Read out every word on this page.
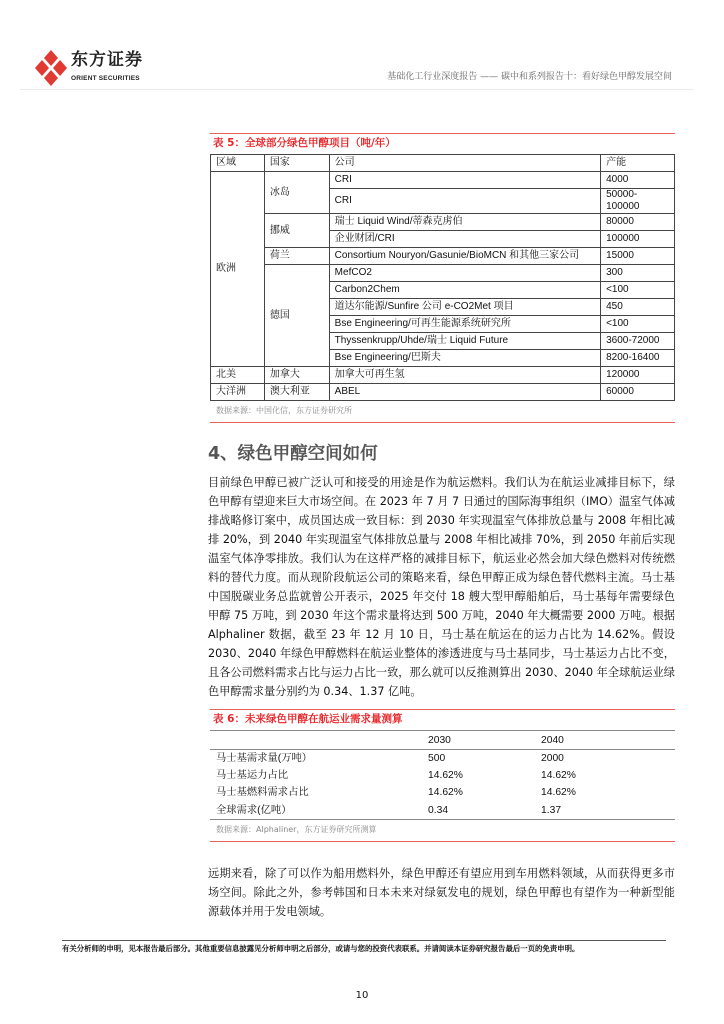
东方证券
ORIENT SECURITIES	基础化工行业深度报告 —— 碳中和系列报告十：看好绿色甲醇发展空间
表 5：全球部分绿色甲醇项目（吨/年）
区域	国家	公司	产能
欧洲	冰岛	CRI	4000
		CRI	50000-100000
	挪威	瑞士 Liquid Wind/蒂森克虏伯	80000
		企业财团/CRI	100000
	荷兰	Consortium Nouryon/Gasunie/BioMCN 和其他三家公司	15000
	德国	MefCO2	300
		Carbon2Chem	<100
		道达尔能源/Sunfire 公司 e-CO2Met 项目	450
		Bse Engineering/可再生能源系统研究所	<100
		Thyssenkrupp/Uhde/瑞士 Liquid Future	3600-72000
		Bse Engineering/巴斯夫	8200-16400
北美	加拿大	加拿大可再生氢	120000
大洋洲	澳大利亚	ABEL	60000
数据来源：中国化信，东方证券研究所
4、绿色甲醇空间如何

目前绿色甲醇已被广泛认可和接受的用途是作为航运燃料。我们认为在航运业减排目标下，绿色甲醇有望迎来巨大市场空间。在 2023 年 7 月 7 日通过的国际海事组织（IMO）温室气体减排战略修订案中，成员国达成一致目标：到 2030 年实现温室气体排放总量与 2008 年相比减排 20%，到 2040 年实现温室气体排放总量与 2008 年相比减排 70%，到 2050 年前后实现温室气体净零排放。我们认为在这样严格的减排目标下，航运业必然会加大绿色燃料对传统燃料的替代力度。而从现阶段航运公司的策略来看，绿色甲醇正成为绿色替代燃料主流。马士基中国脱碳业务总监就曾公开表示，2025 年交付 18 艘大型甲醇船舶后，马士基每年需要绿色甲醇 75 万吨，到 2030 年这个需求量将达到 500 万吨，2040 年大概需要 2000 万吨。根据 Alphaliner 数据，截至 23 年 12 月 10 日，马士基在航运在的运力占比为 14.62%。假设 2030、2040 年绿色甲醇燃料在航运业整体的渗透进度与马士基同步，马士基运力占比不变，且各公司燃料需求占比与运力占比一致，那么就可以反推测算出 2030、2040 年全球航运业绿色甲醇需求量分别约为 0.34、1.37 亿吨。

表 6：未来绿色甲醇在航运业需求量测算
	2030	2040
马士基需求量(万吨）	500	2000
马士基运力占比	14.62%	14.62%
马士基燃料需求占比	14.62%	14.62%
全球需求(亿吨）	0.34	1.37
数据来源：Alphaliner，东方证券研究所测算

远期来看，除了可以作为船用燃料外，绿色甲醇还有望应用到车用燃料领域，从而获得更多市场空间。除此之外，参考韩国和日本未来对绿氨发电的规划，绿色甲醇也有望作为一种新型能源载体并用于发电领域。

有关分析师的申明，见本报告最后部分。其他重要信息披露见分析师申明之后部分，或请与您的投资代表联系。并请阅读本证券研究报告最后一页的免责申明。
10
